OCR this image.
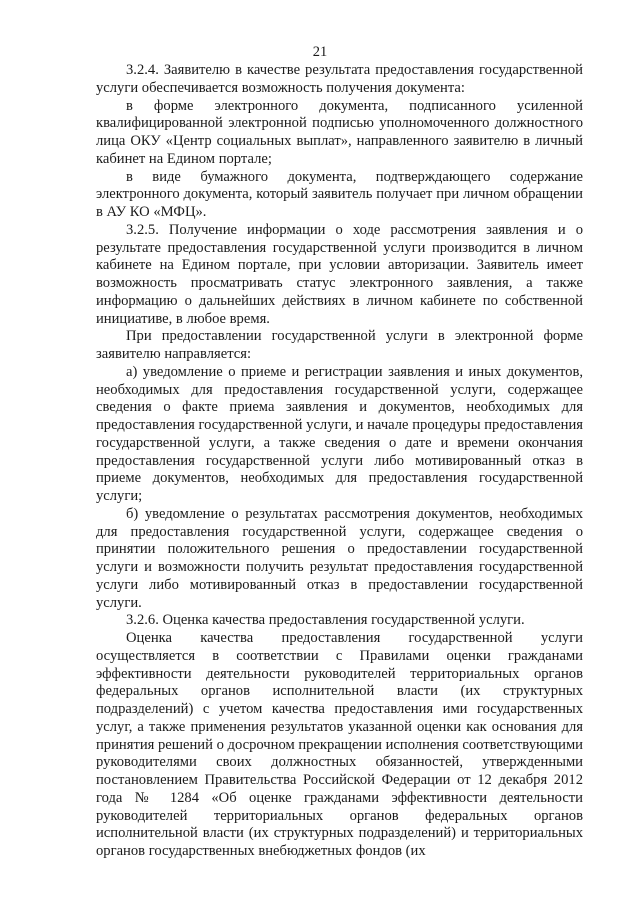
21

3.2.4. Заявителю в качестве результата предоставления государственной услуги обеспечивается возможность получения документа:

в форме электронного документа, подписанного усиленной квалифицированной электронной подписью уполномоченного должностного лица ОКУ «Центр социальных выплат», направленного заявителю в личный кабинет на Едином портале;

в виде бумажного документа, подтверждающего содержание электронного документа, который заявитель получает при личном обращении в АУ КО «МФЦ».

3.2.5. Получение информации о ходе рассмотрения заявления и о результате предоставления государственной услуги производится в личном кабинете на Едином портале, при условии авторизации. Заявитель имеет возможность просматривать статус электронного заявления, а также информацию о дальнейших действиях в личном кабинете по собственной инициативе, в любое время.

При предоставлении государственной услуги в электронной форме заявителю направляется:

а) уведомление о приеме и регистрации заявления и иных документов, необходимых для предоставления государственной услуги, содержащее сведения о факте приема заявления и документов, необходимых для предоставления государственной услуги, и начале процедуры предоставления государственной услуги, а также сведения о дате и времени окончания предоставления государственной услуги либо мотивированный отказ в приеме документов, необходимых для предоставления государственной услуги;

б) уведомление о результатах рассмотрения документов, необходимых для предоставления государственной услуги, содержащее сведения о принятии положительного решения о предоставлении государственной услуги и возможности получить результат предоставления государственной услуги либо мотивированный отказ в предоставлении государственной услуги.

3.2.6. Оценка качества предоставления государственной услуги.

Оценка качества предоставления государственной услуги осуществляется в соответствии с Правилами оценки гражданами эффективности деятельности руководителей территориальных органов федеральных органов исполнительной власти (их структурных подразделений) с учетом качества предоставления ими государственных услуг, а также применения результатов указанной оценки как основания для принятия решений о досрочном прекращении исполнения соответствующими руководителями своих должностных обязанностей, утвержденными постановлением Правительства Российской Федерации от 12 декабря 2012 года № 1284 «Об оценке гражданами эффективности деятельности руководителей территориальных органов федеральных органов исполнительной власти (их структурных подразделений) и территориальных органов государственных внебюджетных фондов (их
